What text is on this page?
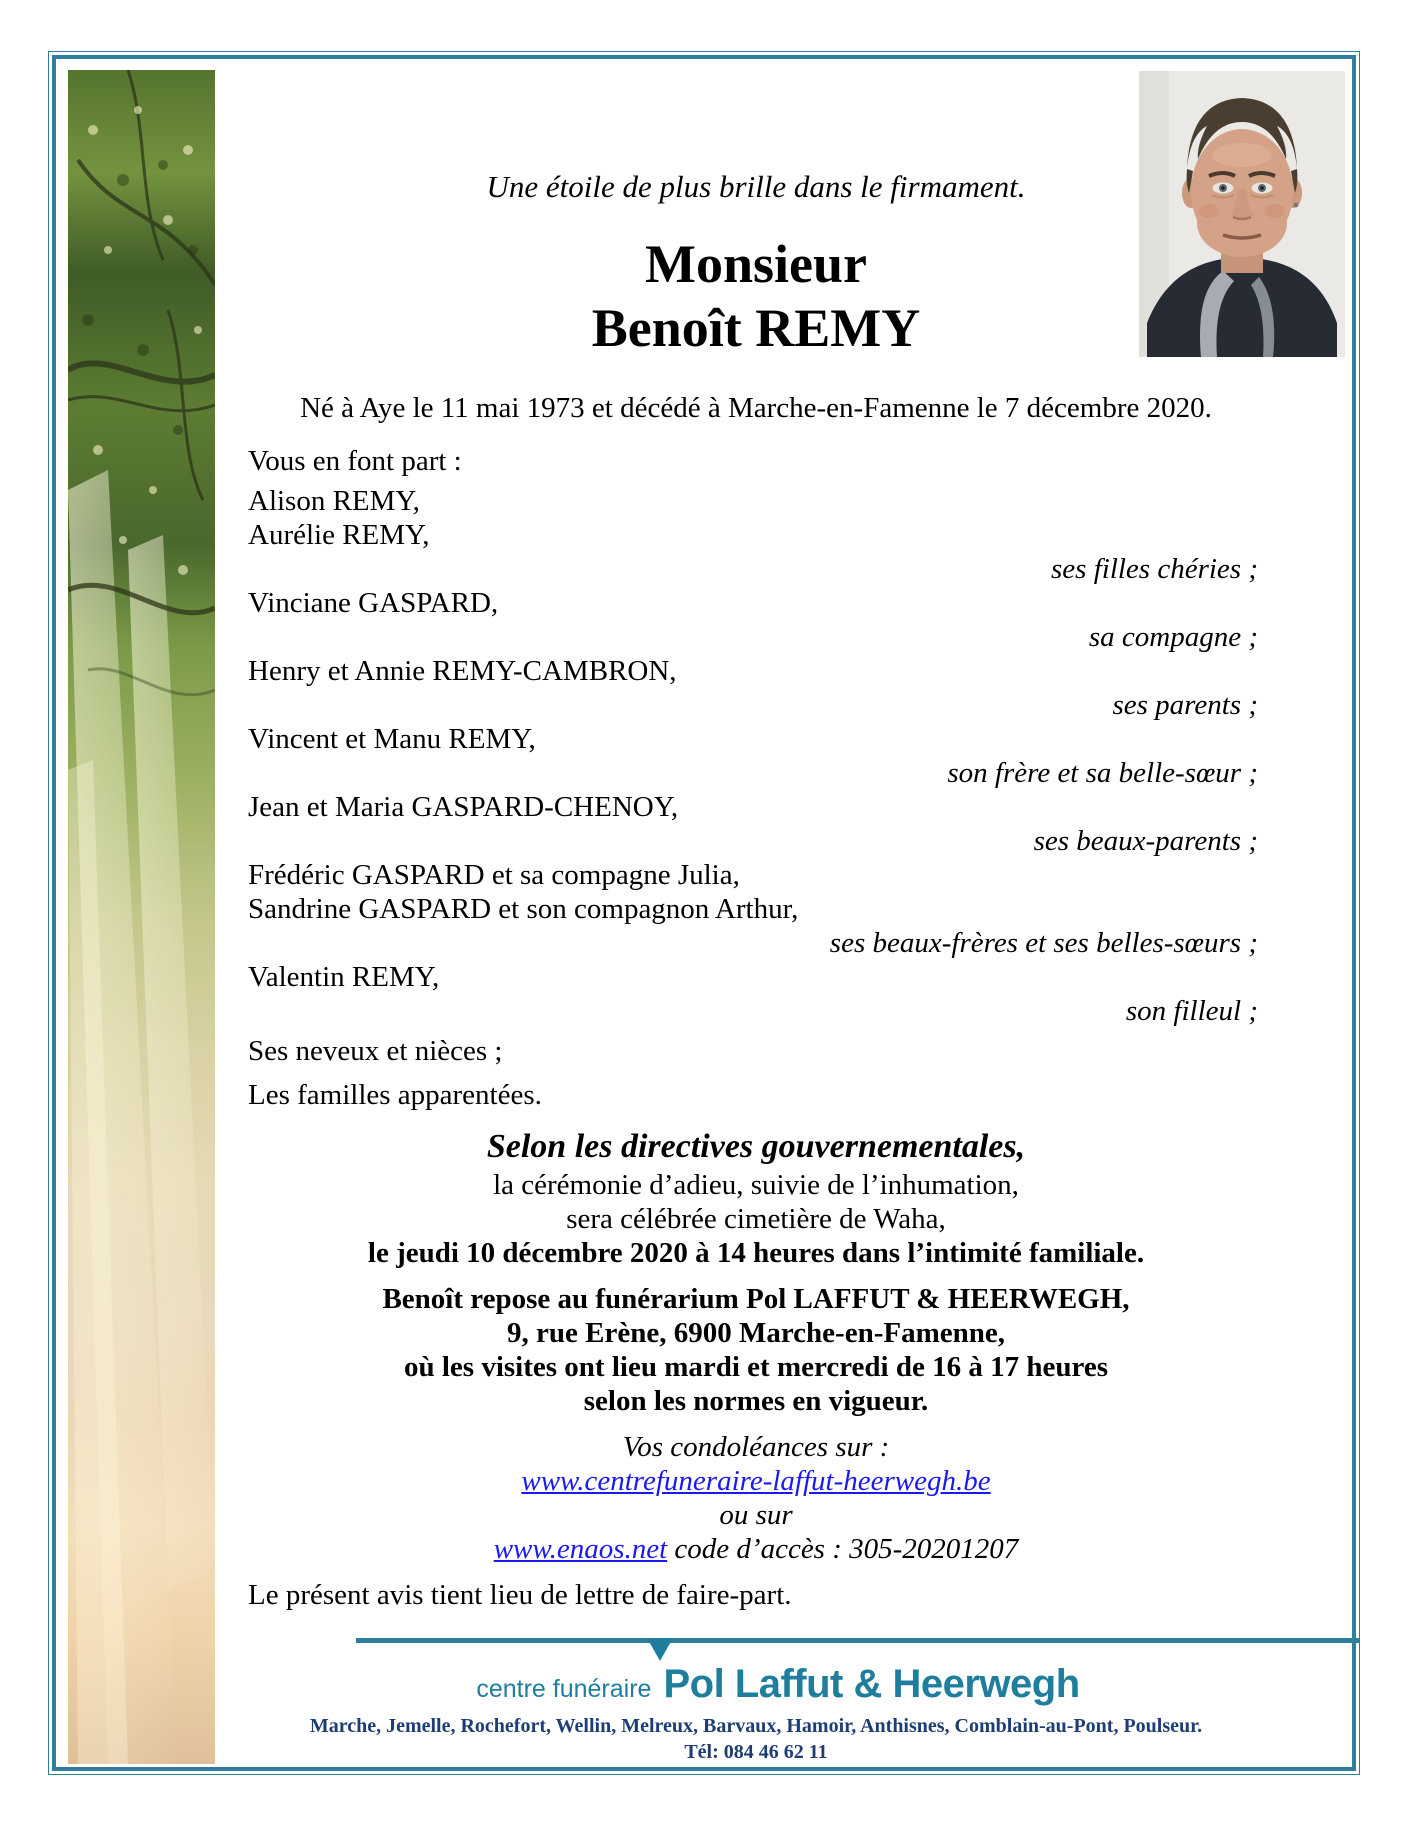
Une étoile de plus brille dans le firmament.
Monsieur
Benoît REMY
Né à Aye le 11 mai 1973 et décédé à Marche-en-Famenne le 7 décembre 2020.
Vous en font part :
Alison REMY,
Aurélie REMY,
ses filles chéries ;
Vinciane GASPARD,
sa compagne ;
Henry et Annie REMY-CAMBRON,
ses parents ;
Vincent et Manu REMY,
son frère et sa belle-sœur ;
Jean et Maria GASPARD-CHENOY,
ses beaux-parents ;
Frédéric GASPARD et sa compagne Julia,
Sandrine GASPARD et son compagnon Arthur,
ses beaux-frères et ses belles-sœurs ;
Valentin REMY,
son filleul ;
Ses neveux et nièces ;
Les familles apparentées.
Selon les directives gouvernementales,
la cérémonie d’adieu, suivie de l’inhumation,
sera célébrée cimetière de Waha,
le jeudi 10 décembre 2020 à 14 heures dans l’intimité familiale.
Benoît repose au funérarium Pol LAFFUT & HEERWEGH,
9, rue Erène, 6900 Marche-en-Famenne,
où les visites ont lieu mardi et mercredi de 16 à 17 heures
selon les normes en vigueur.
Vos condoléances sur :
www.centrefuneraire-laffut-heerwegh.be
ou sur
www.enaos.net code d’accès : 305-20201207
Le présent avis tient lieu de lettre de faire-part.
centre funéraire Pol Laffut & Heerwegh
Marche, Jemelle, Rochefort, Wellin, Melreux, Barvaux, Hamoir, Anthisnes, Comblain-au-Pont, Poulseur.
Tél: 084 46 62 11
